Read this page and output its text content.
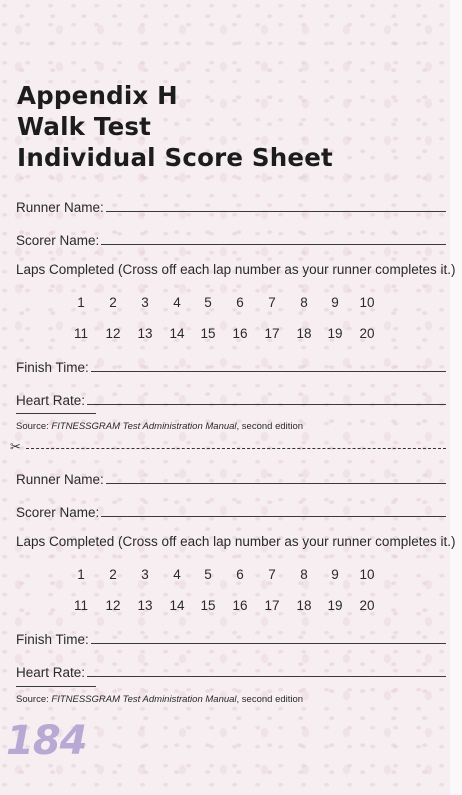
Appendix H
Walk Test
Individual Score Sheet
Runner Name:
Scorer Name:
Laps Completed (Cross off each lap number as your runner completes it.)
1	2	3	4	5	6	7	8	9	10
11	12	13	14	15	16	17	18	19	20
Finish Time:
Heart Rate:
Source: FITNESSGRAM Test Administration Manual, second edition
✂
Runner Name:
Scorer Name:
Laps Completed (Cross off each lap number as your runner completes it.)
1	2	3	4	5	6	7	8	9	10
11	12	13	14	15	16	17	18	19	20
Finish Time:
Heart Rate:
Source: FITNESSGRAM Test Administration Manual, second edition
184
